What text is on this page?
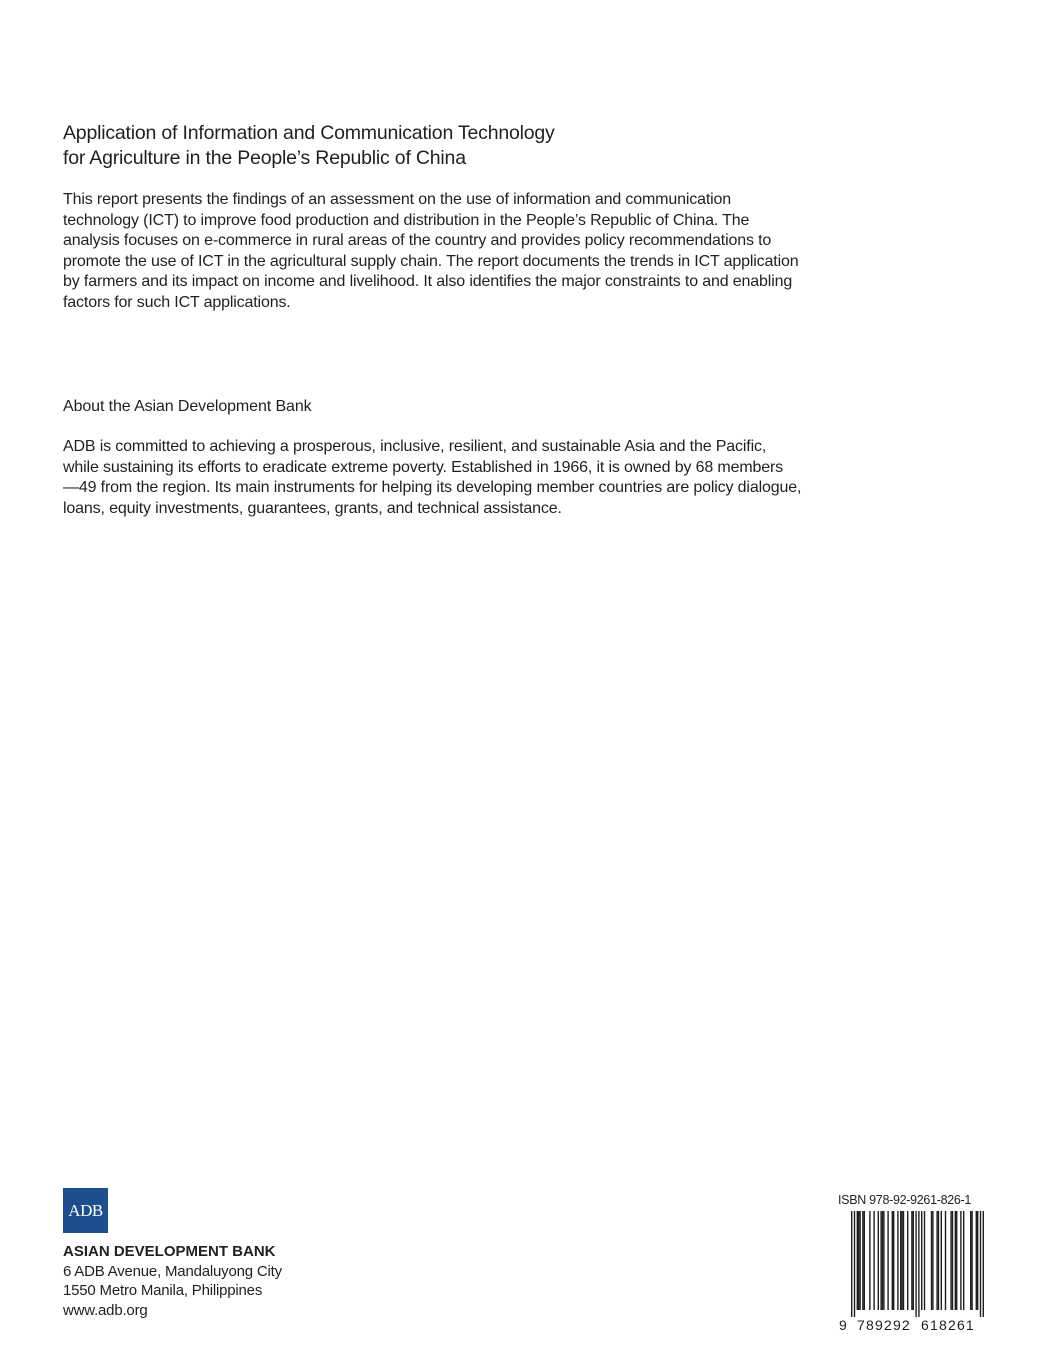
Application of Information and Communication Technology
for Agriculture in the People’s Republic of China

This report presents the findings of an assessment on the use of information and communication
technology (ICT) to improve food production and distribution in the People’s Republic of China. The
analysis focuses on e-commerce in rural areas of the country and provides policy recommendations to
promote the use of ICT in the agricultural supply chain. The report documents the trends in ICT application
by farmers and its impact on income and livelihood. It also identifies the major constraints to and enabling
factors for such ICT applications.

About the Asian Development Bank

ADB is committed to achieving a prosperous, inclusive, resilient, and sustainable Asia and the Pacific,
while sustaining its efforts to eradicate extreme poverty. Established in 1966, it is owned by 68 members
—49 from the region. Its main instruments for helping its developing member countries are policy dialogue,
loans, equity investments, guarantees, grants, and technical assistance.

ADB
ASIAN DEVELOPMENT BANK
6 ADB Avenue, Mandaluyong City
1550 Metro Manila, Philippines
www.adb.org
ISBN 978-92-9261-826-1
9 789292 618261
